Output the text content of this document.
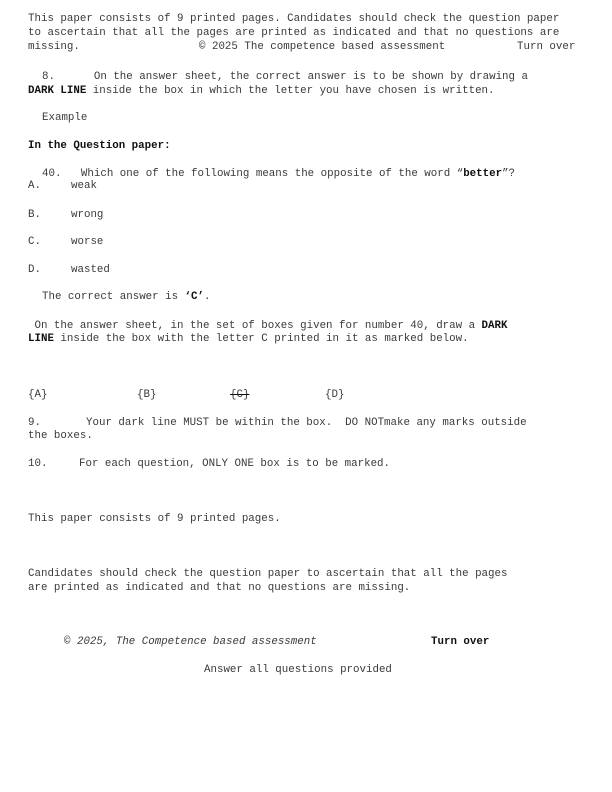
This paper consists of 9 printed pages. Candidates should check the question paper
to ascertain that all the pages are printed as indicated and that no questions are
missing.	© 2025 The competence based assessment	Turn over
8.	On the answer sheet, the correct answer is to be shown by drawing a
DARK LINE inside the box in which the letter you have chosen is written.
Example
In the Question paper:
40. Which one of the following means the opposite of the word “better”?
A.	weak
B.	wrong
C.	worse
D.	wasted
The correct answer is ‘C’.
On the answer sheet, in the set of boxes given for number 40, draw a DARK
LINE inside the box with the letter C printed in it as marked below.
{A}	{B}	{C}	{D}
9.	Your dark line MUST be within the box.  DO NOTmake any marks outside
the boxes.
10.	For each question, ONLY ONE box is to be marked.
This paper consists of 9 printed pages.
Candidates should check the question paper to ascertain that all the pages
are printed as indicated and that no questions are missing.
© 2025, The Competence based assessment	Turn over
Answer all questions provided
